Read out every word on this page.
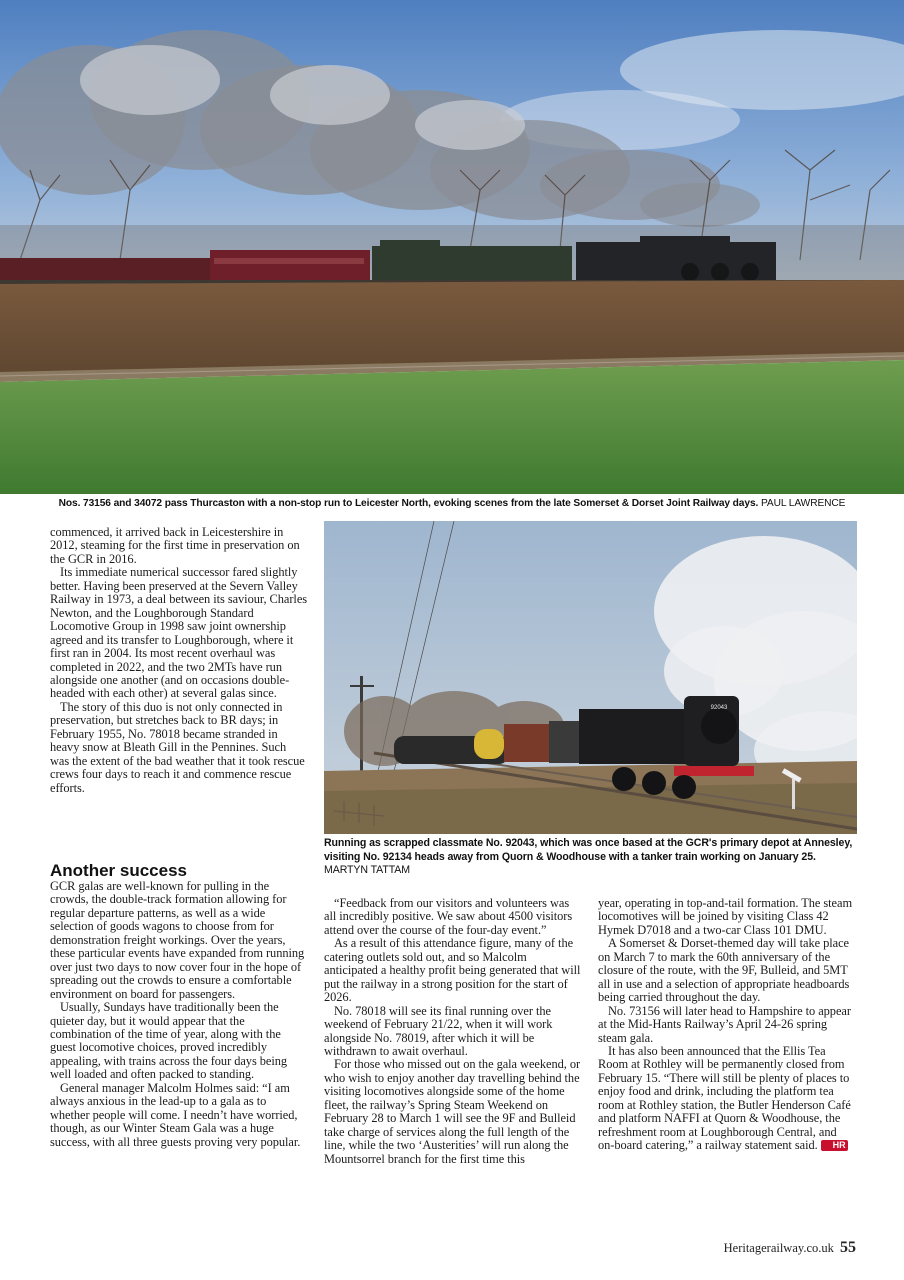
Nos. 73156 and 34072 pass Thurcaston with a non-stop run to Leicester North, evoking scenes from the late Somerset & Dorset Joint Railway days. PAUL LAWRENCE

commenced, it arrived back in Leicestershire in 2012, steaming for the first time in preservation on the GCR in 2016.

Its immediate numerical successor fared slightly better. Having been preserved at the Severn Valley Railway in 1973, a deal between its saviour, Charles Newton, and the Loughborough Standard Locomotive Group in 1998 saw joint ownership agreed and its transfer to Loughborough, where it first ran in 2004. Its most recent overhaul was completed in 2022, and the two 2MTs have run alongside one another (and on occasions double-headed with each other) at several galas since.

The story of this duo is not only connected in preservation, but stretches back to BR days; in February 1955, No. 78018 became stranded in heavy snow at Bleath Gill in the Pennines. Such was the extent of the bad weather that it took rescue crews four days to reach it and commence rescue efforts.

92043
Running as scrapped classmate No. 92043, which was once based at the GCR's primary depot at Annesley, visiting No. 92134 heads away from Quorn & Woodhouse with a tanker train working on January 25.
MARTYN TATTAM
Another success

GCR galas are well-known for pulling in the crowds, the double-track formation allowing for regular departure patterns, as well as a wide selection of goods wagons to choose from for demonstration freight workings. Over the years, these particular events have expanded from running over just two days to now cover four in the hope of spreading out the crowds to ensure a comfortable environment on board for passengers.

Usually, Sundays have traditionally been the quieter day, but it would appear that the combination of the time of year, along with the guest locomotive choices, proved incredibly appealing, with trains across the four days being well loaded and often packed to standing.

General manager Malcolm Holmes said: “I am always anxious in the lead-up to a gala as to whether people will come. I needn’t have worried, though, as our Winter Steam Gala was a huge success, with all three guests proving very popular.

“Feedback from our visitors and volunteers was all incredibly positive. We saw about 4500 visitors attend over the course of the four-day event.”

As a result of this attendance figure, many of the catering outlets sold out, and so Malcolm anticipated a healthy profit being generated that will put the railway in a strong position for the start of 2026.

No. 78018 will see its final running over the weekend of February 21/22, when it will work alongside No. 78019, after which it will be withdrawn to await overhaul.

For those who missed out on the gala weekend, or who wish to enjoy another day travelling behind the visiting locomotives alongside some of the home fleet, the railway’s Spring Steam Weekend on February 28 to March 1 will see the 9F and Bulleid take charge of services along the full length of the line, while the two ‘Austerities’ will run along the Mountsorrel branch for the first time this

year, operating in top-and-tail formation. The steam locomotives will be joined by visiting Class 42 Hymek D7018 and a two-car Class 101 DMU.

A Somerset & Dorset-themed day will take place on March 7 to mark the 60th anniversary of the closure of the route, with the 9F, Bulleid, and 5MT all in use and a selection of appropriate headboards being carried throughout the day.

No. 73156 will later head to Hampshire to appear at the Mid-Hants Railway’s April 24-26 spring steam gala.

It has also been announced that the Ellis Tea Room at Rothley will be permanently closed from February 15. “There will still be plenty of places to enjoy food and drink, including the platform tea room at Rothley station, the Butler Henderson Café and platform NAFFI at Quorn & Woodhouse, the refreshment room at Loughborough Central, and on-board catering,” a railway statement said. HR

Heritagerailway.co.uk 55
